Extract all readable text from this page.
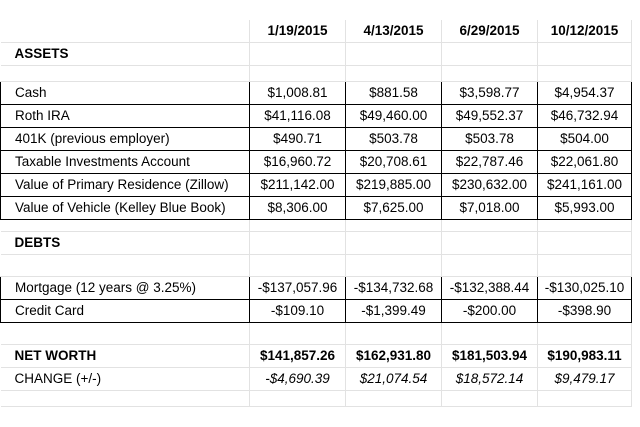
	1/19/2015	4/13/2015	6/29/2015	10/12/2015
ASSETS				

Cash	$1,008.81	$881.58	$3,598.77	$4,954.37
Roth IRA	$41,116.08	$49,460.00	$49,552.37	$46,732.94
401K (previous employer)	$490.71	$503.78	$503.78	$504.00
Taxable Investments Account	$16,960.72	$20,708.61	$22,787.46	$22,061.80
Value of Primary Residence (Zillow)	$211,142.00	$219,885.00	$230,632.00	$241,161.00
Value of Vehicle (Kelley Blue Book)	$8,306.00	$7,625.00	$7,018.00	$5,993.00

DEBTS				

Mortgage (12 years @ 3.25%)	-$137,057.96	-$134,732.68	-$132,388.44	-$130,025.10
Credit Card	-$109.10	-$1,399.49	-$200.00	-$398.90

NET WORTH	$141,857.26	$162,931.80	$181,503.94	$190,983.11
CHANGE (+/-)	-$4,690.39	$21,074.54	$18,572.14	$9,479.17
